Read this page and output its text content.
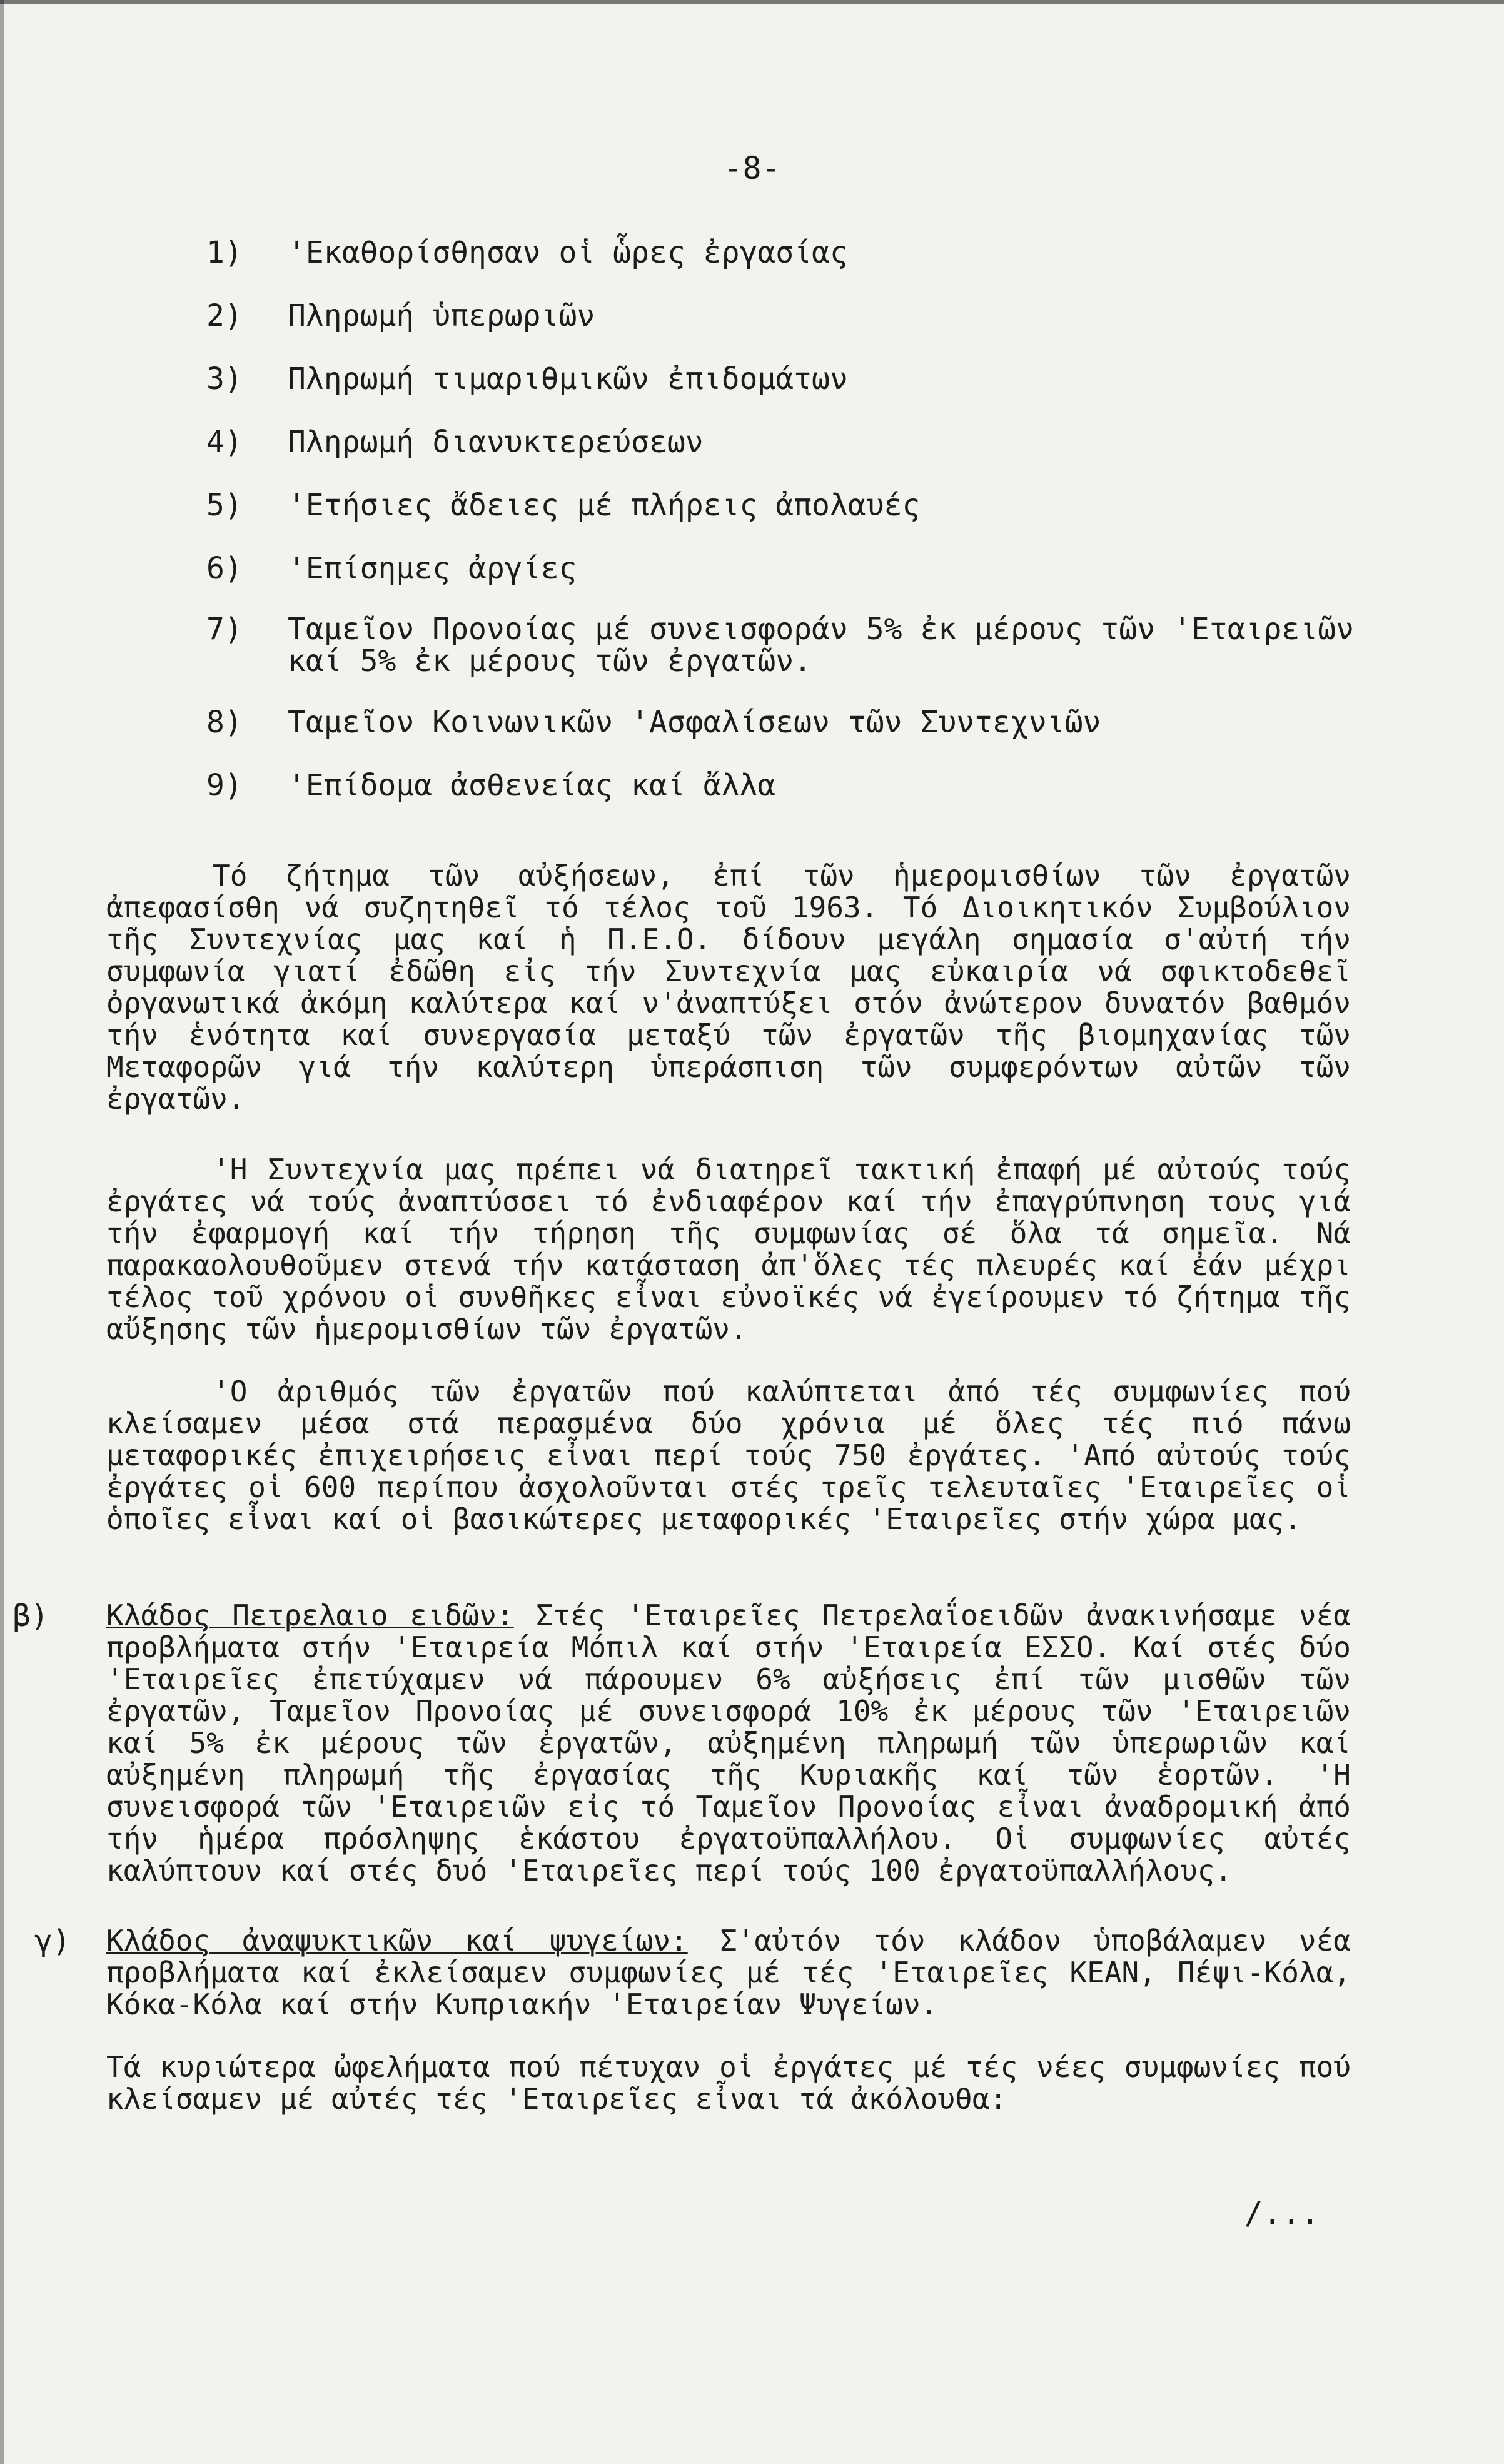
-8-
1)	'Εκαθορίσθησαν οἱ ὧρες ἐργασίας
2)	Πληρωμή ὑπερωριῶν
3)	Πληρωμή τιμαριθμικῶν ἐπιδομάτων
4)	Πληρωμή διανυκτερεύσεων
5)	'Ετήσιες ἄδειες μέ πλήρεις ἀπολαυές
6)	'Επίσημες ἀργίες
7)	Ταμεῖον Προνοίας μέ συνεισφοράν 5% ἐκ μέρους τῶν 'Εταιρειῶν καί 5% ἐκ μέρους τῶν ἐργατῶν.
8)	Ταμεῖον Κοινωνικῶν 'Ασφαλίσεων τῶν Συντεχνιῶν
9)	'Επίδομα ἀσθενείας καί ἄλλα
Τό ζήτημα τῶν αὐξήσεων, ἐπί τῶν ἡμερομισθίων τῶν ἐργατῶν ἀπεφασίσθη νά συζητηθεῖ τό τέλος τοῦ 1963. Τό Διοικητικόν Συμβούλιον τῆς Συντεχνίας μας καί ἡ Π.Ε.Ο. δίδουν μεγάλη σημασία σ'αὐτή τήν συμφωνία γιατί ἐδῶθη εἰς τήν Συντεχνία μας εὐκαιρία νά σφικτοδεθεῖ ὀργανωτικά ἀκόμη καλύτερα καί ν'ἀναπτύξει στόν ἀνώτερον δυνατόν βαθμόν τήν ἑνότητα καί συνεργασία μεταξύ τῶν ἐργατῶν τῆς βιομηχανίας τῶν Μεταφορῶν γιά τήν καλύτερη ὑπεράσπιση τῶν συμφερόντων αὐτῶν τῶν ἐργατῶν.
'Η Συντεχνία μας πρέπει νά διατηρεῖ τακτική ἐπαφή μέ αὐτούς τούς ἐργάτες νά τούς ἀναπτύσσει τό ἐνδιαφέρον καί τήν ἐπαγρύπνηση τους γιά τήν ἐφαρμογή καί τήν τήρηση τῆς συμφωνίας σέ ὅλα τά σημεῖα. Νά παρακαολουθοῦμεν στενά τήν κατάσταση ἀπ'ὅλες τές πλευρές καί ἐάν μέχρι τέλος τοῦ χρόνου οἱ συνθῆκες εἶναι εὐνοϊκές νά ἐγείρουμεν τό ζήτημα τῆς αὔξησης τῶν ἡμερομισθίων τῶν ἐργατῶν.
'Ο ἀριθμός τῶν ἐργατῶν πού καλύπτεται ἀπό τές συμφωνίες πού κλείσαμεν μέσα στά περασμένα δύο χρόνια μέ ὅλες τές πιό πάνω μεταφορικές ἐπιχειρήσεις εἶναι περί τούς 750 ἐργάτες. 'Από αὐτούς τούς ἐργάτες οἱ 600 περίπου ἀσχολοῦνται στές τρεῖς τελευταῖες 'Εταιρεῖες οἱ ὁποῖες εἶναι καί οἱ βασικώτερες μεταφορικές 'Εταιρεῖες στήν χώρα μας.
β) Κλάδος Πετρελαιο ειδῶν: Στές 'Εταιρεῖες Πετρελαΐοειδῶν ἀνακινήσαμε νέα προβλήματα στήν 'Εταιρεία Μόπιλ καί στήν 'Εταιρεία ΕΣΣΟ. Καί στές δύο 'Εταιρεῖες ἐπετύχαμεν νά πάρουμεν 6% αὐξήσεις ἐπί τῶν μισθῶν τῶν ἐργατῶν, Ταμεῖον Προνοίας μέ συνεισφορά 10% ἐκ μέρους τῶν 'Εταιρειῶν καί 5% ἐκ μέρους τῶν ἐργατῶν, αὐξημένη πληρωμή τῶν ὑπερωριῶν καί αὐξημένη πληρωμή τῆς ἐργασίας τῆς Κυριακῆς καί τῶν ἑορτῶν. 'Η συνεισφορά τῶν 'Εταιρειῶν εἰς τό Ταμεῖον Προνοίας εἶναι ἀναδρομική ἀπό τήν ἡμέρα πρόσληψης ἑκάστου ἐργατοϋπαλλήλου. Οἱ συμφωνίες αὐτές καλύπτουν καί στές δυό 'Εταιρεῖες περί τούς 100 ἐργατοϋπαλλήλους.
γ) Κλάδος ἀναψυκτικῶν καί ψυγείων: Σ'αὐτόν τόν κλάδον ὑποβάλαμεν νέα προβλήματα καί ἐκλείσαμεν συμφωνίες μέ τές 'Εταιρεῖες ΚΕΑΝ, Πέψι-Κόλα, Κόκα-Κόλα καί στήν Κυπριακήν 'Εταιρείαν Ψυγείων.
Τά κυριώτερα ὠφελήματα πού πέτυχαν οἱ ἐργάτες μέ τές νέες συμφωνίες πού κλείσαμεν μέ αὐτές τές 'Εταιρεῖες εἶναι τά ἀκόλουθα:
/...
